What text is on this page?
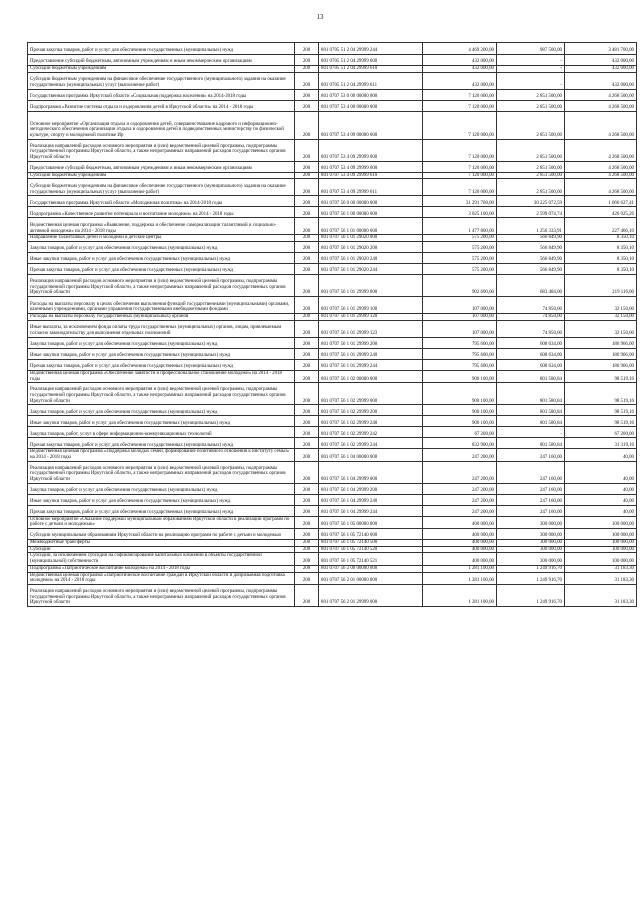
13
Прочая закупка товаров, работ и услуг для обеспечения государственных (муниципальных) нужд	200	801 0705 51 2 04 29999 244	4 469 200,00	987 500,00	3 481 700,00
Предоставление субсидий бюджетным, автономным учреждениям и иным некоммерческим организациям	200	801 0705 51 2 04 29999 600	432 000,00	-	432 000,00
Субсидии бюджетным учреждениям	200	801 0705 51 2 04 29999 610	432 000,00	-	432 000,00
Субсидии бюджетным учреждениям на финансовое обеспечение государственного (муниципального) задания на оказание государственных (муниципальных) услуг (выполнение работ)	200	801 0705 51 2 04 29999 611	432 000,00	-	432 000,00
Государственная программа Иркутской области «Социальная поддержка населения» на 2014-2018 годы	200	801 0707 53 0 00 00000 000	7 120 000,00	2 851 500,00	4 268 500,00
Подпрограмма «Развитие системы отдыха и оздоровления детей в Иркутской области» на 2014 - 2018 годы	200	801 0707 53 4 00 00000 000	7 120 000,00	2 851 500,00	4 268 500,00
Основное мероприятие «Организация отдыха и оздоровления детей, совершенствование кадрового и информационно-методического обеспечения организации отдыха и оздоровления детей в подведомственных министерству по физической культуре, спорту и молодежной политике Ир	200	801 0707 53 4 09 00000 000	7 120 000,00	2 851 500,00	4 268 500,00
Реализация направлений расходов основного мероприятия и (или) ведомственной целевой программы, подпрограммы государственной программы Иркутской области, а также непрограммных направлений расходов государственных органов Иркутской области	200	801 0707 53 4 09 29999 000	7 120 000,00	2 851 500,00	4 268 500,00
Предоставление субсидий бюджетным, автономным учреждениям и иным некоммерческим организациям	200	801 0707 53 4 09 29999 600	7 120 000,00	2 851 500,00	4 268 500,00
Субсидии бюджетным учреждениям	200	801 0707 53 4 09 29999 610	7 120 000,00	2 851 500,00	4 268 500,00
Субсидии бюджетным учреждениям на финансовое обеспечение государственного (муниципального) задания на оказание государственных (муниципальных) услуг (выполнение работ)	200	801 0707 53 4 09 29999 611	7 120 000,00	2 851 500,00	4 268 500,00
Государственная программа Иркутской области «Молодежная политика» на 2014-2018 годы	200	801 0707 56 0 00 00000 000	31 291 700,00	30 225 072,59	1 066 627,41
Подпрограмма «Качественное развитие потенциала и воспитание молодежи» на 2014 - 2018 годы	200	801 0707 56 1 00 00000 000	3 025 100,00	2 599 074,74	426 025,26
Ведомственная целевая программа «Выявление, поддержка и обеспечение самореализации талантливой и социально-активной молодежи» на 2014 - 2018 годы	200	801 0707 56 1 01 00000 000	1 477 800,00	1 250 333,91	227 466,10
Направление талантливых детей и молодежи в детские центры	200	801 0707 56 1 01 29020 000	575 200,00	566 849,90	8 350,10
Закупка товаров, работ и услуг для обеспечения государственных (муниципальных) нужд	200	801 0707 56 1 01 29020 200	575 200,00	566 849,90	8 350,10
Иные закупки товаров, работ и услуг для обеспечения государственных (муниципальных) нужд	200	801 0707 56 1 01 29020 240	575 200,00	566 849,90	8 350,10
Прочая закупка товаров, работ и услуг для обеспечения государственных (муниципальных) нужд	200	801 0707 56 1 01 29020 244	575 200,00	566 849,90	8 350,10
Реализация направлений расходов основного мероприятия и (или) ведомственной целевой программы, подпрограммы государственной программы Иркутской области, а также непрограммных направлений расходов государственных органов Иркутской области	200	801 0707 56 1 01 29999 000	902 600,00	683 484,00	219 116,00
Расходы на выплаты персоналу в целях обеспечения выполнения функций государственными (муниципальными) органами, казенными учреждениями, органами управления государственными внебюджетными фондами	200	801 0707 56 1 01 29999 100	107 000,00	74 850,00	32 150,00
Расходы на выплаты персоналу государственных (муниципальных) органов	200	801 0707 56 1 01 29999 120	107 000,00	74 850,00	32 150,00
Иные выплаты, за исключением фонда оплаты труда государственных (муниципальных) органов, лицам, привлекаемым согласно законодательству для выполнения отдельных полномочий	200	801 0707 56 1 01 29999 123	107 000,00	74 850,00	32 150,00
Закупка товаров, работ и услуг для обеспечения государственных (муниципальных) нужд	200	801 0707 56 1 01 29999 200	795 600,00	608 634,00	186 966,00
Иные закупки товаров, работ и услуг для обеспечения государственных (муниципальных) нужд	200	801 0707 56 1 01 29999 240	795 600,00	608 634,00	186 966,00
Прочая закупка товаров, работ и услуг для обеспечения государственных (муниципальных) нужд	200	801 0707 56 1 01 29999 244	795 600,00	608 634,00	186 966,00
Ведомственная целевая программа «Обеспечение занятости и профессиональное становление молодежи» на 2014 - 2018 годы	200	801 0707 56 1 02 00000 000	900 100,00	801 580,84	98 519,16
Реализация направлений расходов основного мероприятия и (или) ведомственной целевой программы, подпрограммы государственной программы Иркутской области, а также непрограммных направлений расходов государственных органов Иркутской области	200	801 0707 56 1 02 29999 000	900 100,00	801 580,84	98 519,16
Закупка товаров, работ и услуг для обеспечения государственных (муниципальных) нужд	200	801 0707 56 1 02 29999 200	900 100,00	801 580,84	98 519,16
Иные закупки товаров, работ и услуг для обеспечения государственных (муниципальных) нужд	200	801 0707 56 1 02 29999 240	900 100,00	801 580,84	98 519,16
Закупка товаров, работ, услуг в сфере информационно-коммуникационных технологий	200	801 0707 56 1 02 29999 242	67 200,00	-	67 200,00
Прочая закупка товаров, работ и услуг для обеспечения государственных (муниципальных) нужд	200	801 0707 56 1 02 29999 244	832 900,00	801 580,84	31 319,16
Ведомственная целевая программа «Поддержка молодых семей, формирование позитивного отношения к институту семьи» на 2014 - 2018 годы	200	801 0707 56 1 04 00000 000	247 200,00	247 160,00	40,00
Реализация направлений расходов основного мероприятия и (или) ведомственной целевой программы, подпрограммы государственной программы Иркутской области, а также непрограммных направлений расходов государственных органов Иркутской области	200	801 0707 56 1 04 29999 000	247 200,00	247 160,00	40,00
Закупка товаров, работ и услуг для обеспечения государственных (муниципальных) нужд	200	801 0707 56 1 04 29999 200	247 200,00	247 160,00	40,00
Иные закупки товаров, работ и услуг для обеспечения государственных (муниципальных) нужд	200	801 0707 56 1 04 29999 240	247 200,00	247 160,00	40,00
Прочая закупка товаров, работ и услуг для обеспечения государственных (муниципальных) нужд	200	801 0707 56 1 04 29999 244	247 200,00	247 160,00	40,00
Основное мероприятие «Оказание поддержки муниципальным образованиям Иркутской области в реализации программ по работе с детьми и молодежью»	200	801 0707 56 1 05 00000 000	400 000,00	300 000,00	100 000,00
Субсидии муниципальным образованиям Иркутской области на реализацию программ по работе с детьми и молодежью	200	801 0707 56 1 05 72140 000	400 000,00	300 000,00	100 000,00
Межбюджетные трансферты	200	801 0707 56 1 05 72140 500	400 000,00	300 000,00	100 000,00
Субсидии	200	801 0707 56 1 05 72140 520	400 000,00	300 000,00	100 000,00
Субсидии, за исключением субсидий на софинансирование капитальных вложений в объекты государственной (муниципальной) собственности	200	801 0707 56 1 05 72140 521	400 000,00	300 000,00	100 000,00
Подпрограмма «Патриотическое воспитание молодежи» на 2014 - 2018 годы	200	801 0707 56 2 00 00000 000	1 281 100,00	1 249 916,70	31 183,30
Ведомственная целевая программа «Патриотическое воспитание граждан в Иркутской области и допризывная подготовка молодежи» на 2014 - 2018 годы	200	801 0707 56 2 01 00000 000	1 281 100,00	1 249 916,70	31 183,30
Реализация направлений расходов основного мероприятия и (или) ведомственной целевой программы, подпрограммы государственной программы Иркутской области, а также непрограммных направлений расходов государственных органов Иркутской области	200	801 0707 56 2 01 29999 000	1 281 100,00	1 249 916,70	31 183,30
